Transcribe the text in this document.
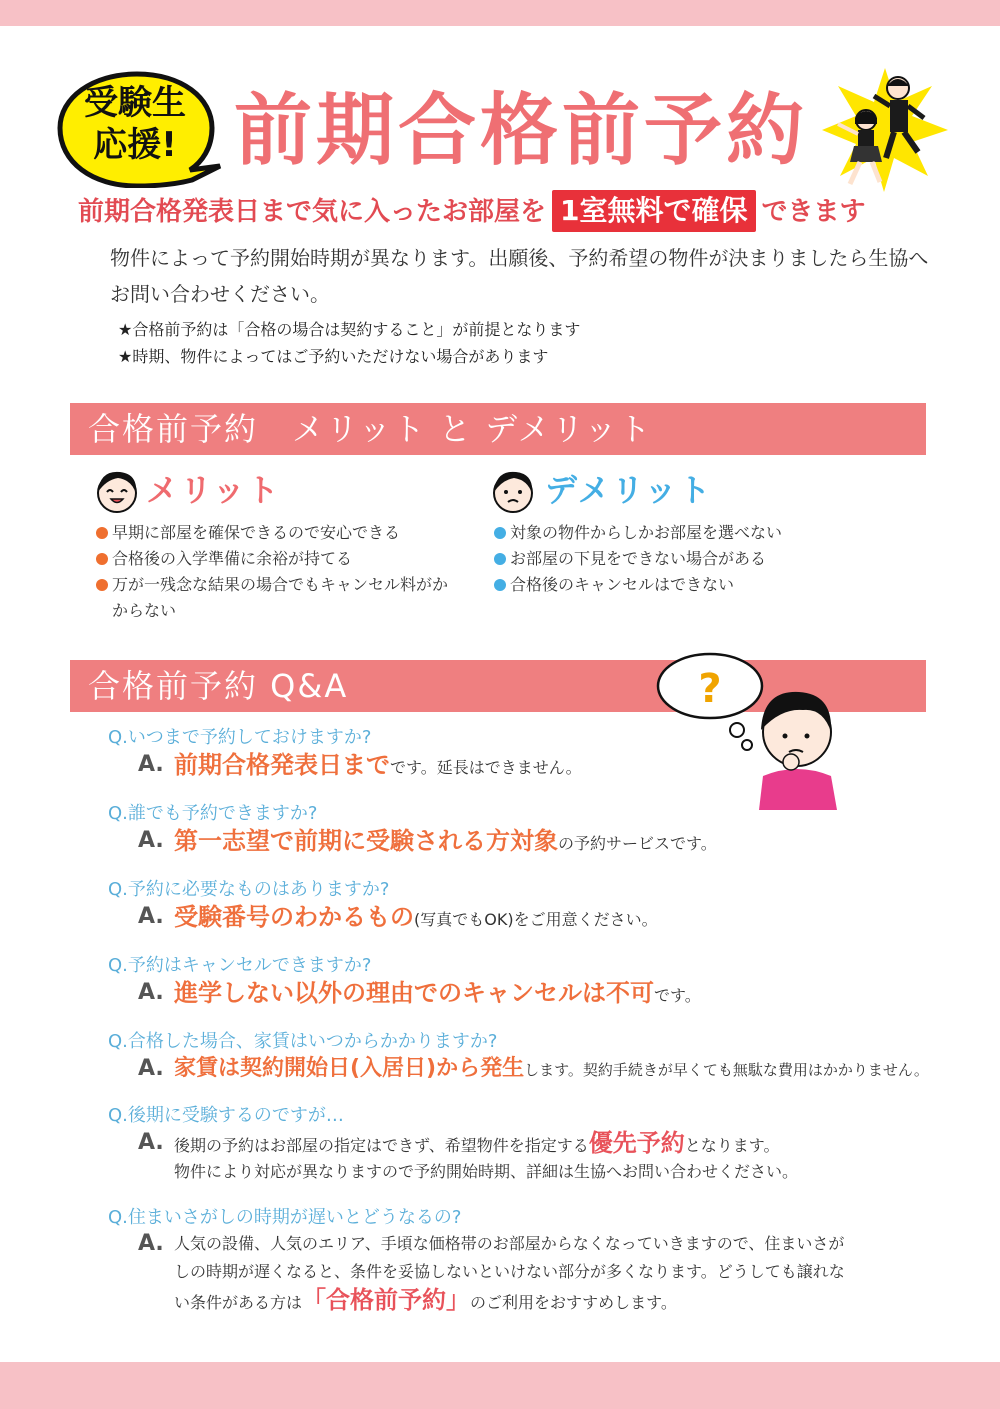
受験生
応援! 前期合格前予約
前期合格発表日まで気に入ったお部屋を 1室無料で確保 できます
物件によって予約開始時期が異なります。出願後、予約希望の物件が決まりましたら生協へお問い合わせください。
★合格前予約は「合格の場合は契約すること」が前提となります
★時期、物件によってはご予約いただけない場合があります
合格前予約　メリット と デメリット
メリット	デメリット
早期に部屋を確保できるので安心できる
合格後の入学準備に余裕が持てる
万が一残念な結果の場合でもキャンセル料がかからない
対象の物件からしかお部屋を選べない
お部屋の下見をできない場合がある
合格後のキャンセルはできない
合格前予約 Q&A	?
Q.いつまで予約しておけますか?
A. 前期合格発表日までです。延長はできません。
Q.誰でも予約できますか?
A. 第一志望で前期に受験される方対象の予約サービスです。
Q.予約に必要なものはありますか?
A. 受験番号のわかるもの(写真でもOK)をご用意ください。
Q.予約はキャンセルできますか?
A. 進学しない以外の理由でのキャンセルは不可です。
Q.合格した場合、家賃はいつからかかりますか?
A. 家賃は契約開始日(入居日)から発生します。契約手続きが早くても無駄な費用はかかりません。
Q.後期に受験するのですが…
A. 後期の予約はお部屋の指定はできず、希望物件を指定する優先予約となります。
物件により対応が異なりますので予約開始時期、詳細は生協へお問い合わせください。
Q.住まいさがしの時期が遅いとどうなるの?
A. 人気の設備、人気のエリア、手頃な価格帯のお部屋からなくなっていきますので、住まいさが
しの時期が遅くなると、条件を妥協しないといけない部分が多くなります。どうしても譲れな
い条件がある方は「合格前予約」のご利用をおすすめします。
